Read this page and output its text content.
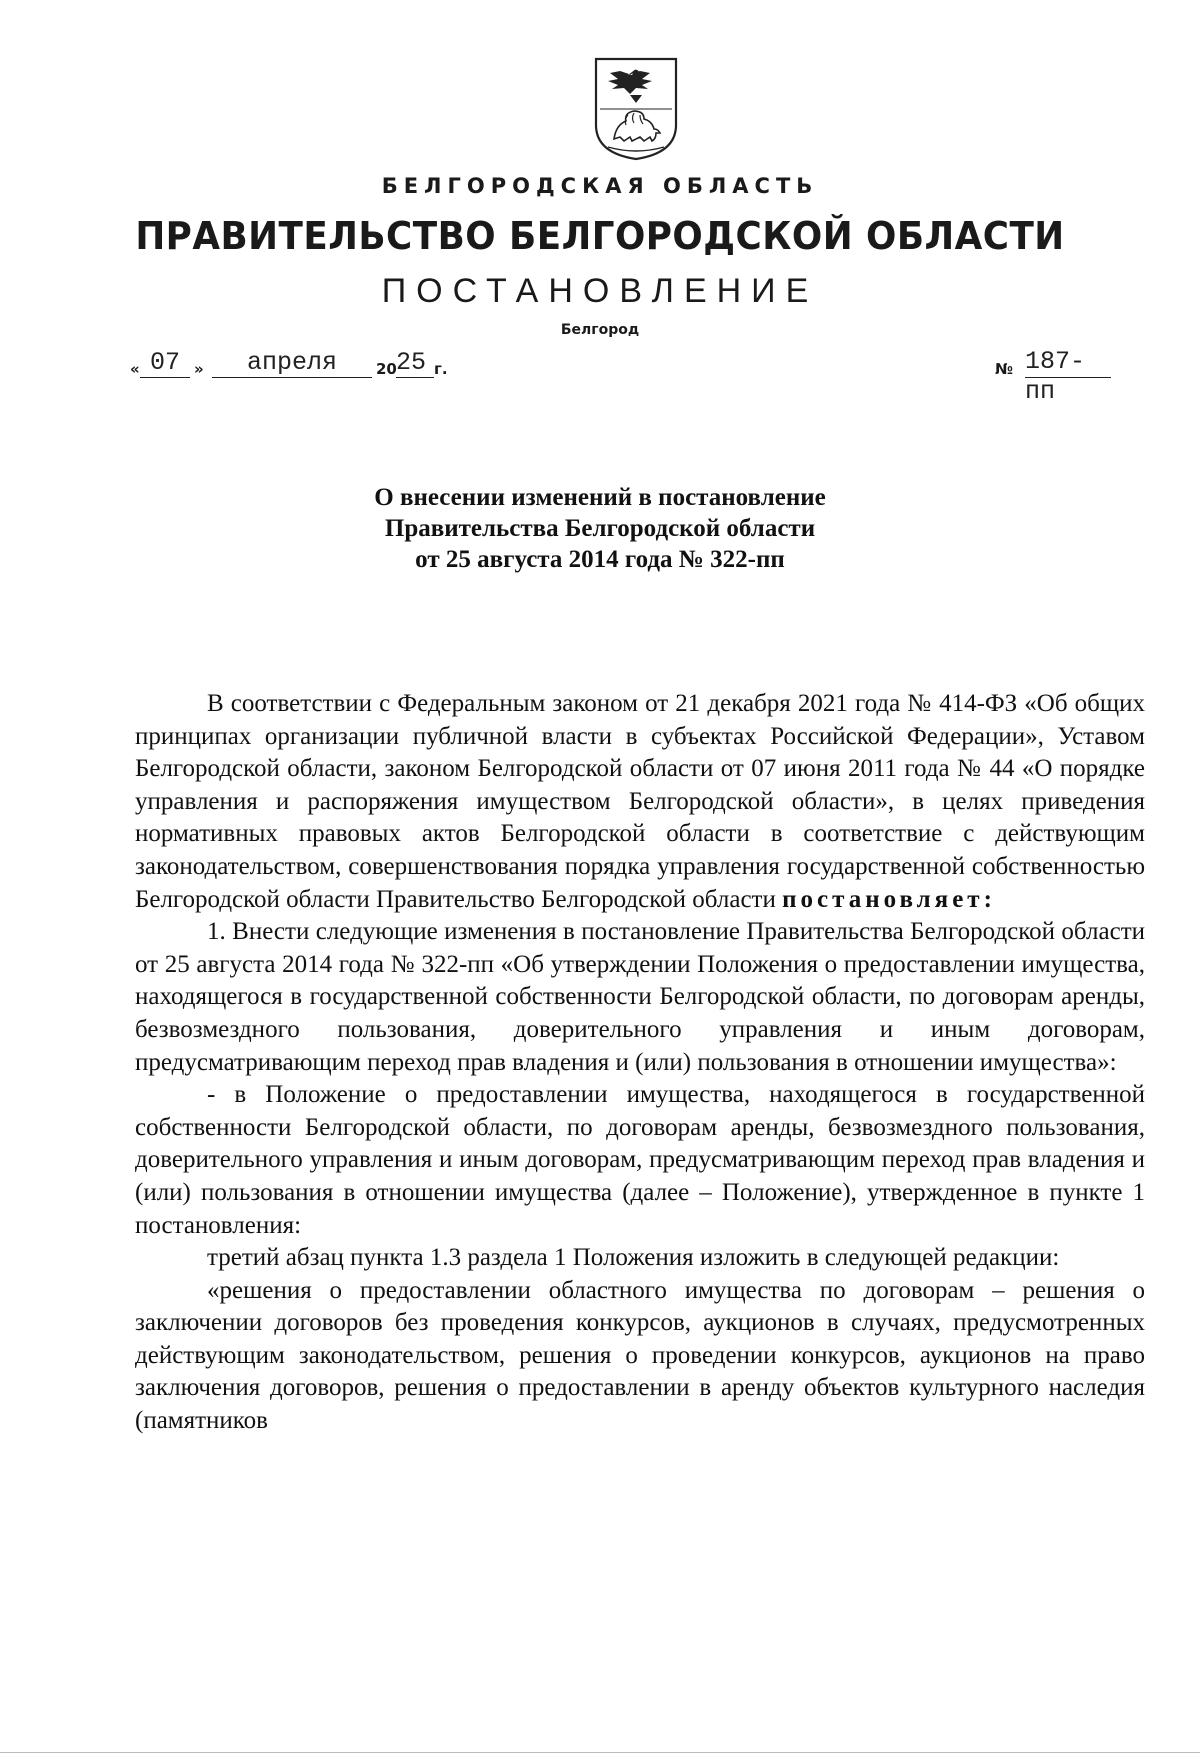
БЕЛГОРОДСКАЯ ОБЛАСТЬ
ПРАВИТЕЛЬСТВО БЕЛГОРОДСКОЙ ОБЛАСТИ
ПОСТАНОВЛЕНИЕ
Белгород
« 07 »	апреля	20 25 г.	№ 187-пп
О внесении изменений в постановление
Правительства Белгородской области
от 25 августа 2014 года № 322-пп

В соответствии с Федеральным законом от 21 декабря 2021 года № 414-ФЗ «Об общих принципах организации публичной власти в субъектах Российской Федерации», Уставом Белгородской области, законом Белгородской области от 07 июня 2011 года № 44 «О порядке управления и распоряжения имуществом Белгородской области», в целях приведения нормативных правовых актов Белгородской области в соответствие с действующим законодательством, совершенствования порядка управления государственной собственностью Белгородской области Правительство Белгородской области постановляет:

1. Внести следующие изменения в постановление Правительства Белгородской области от 25 августа 2014 года № 322-пп «Об утверждении Положения о предоставлении имущества, находящегося в государственной собственности Белгородской области, по договорам аренды, безвозмездного пользования, доверительного управления и иным договорам, предусматривающим переход прав владения и (или) пользования в отношении имущества»:

- в Положение о предоставлении имущества, находящегося в государственной собственности Белгородской области, по договорам аренды, безвозмездного пользования, доверительного управления и иным договорам, предусматривающим переход прав владения и (или) пользования в отношении имущества (далее – Положение), утвержденное в пункте 1 постановления:

третий абзац пункта 1.3 раздела 1 Положения изложить в следующей редакции:

«решения о предоставлении областного имущества по договорам – решения о заключении договоров без проведения конкурсов, аукционов в случаях, предусмотренных действующим законодательством, решения о проведении конкурсов, аукционов на право заключения договоров, решения о предоставлении в аренду объектов культурного наследия (памятников
